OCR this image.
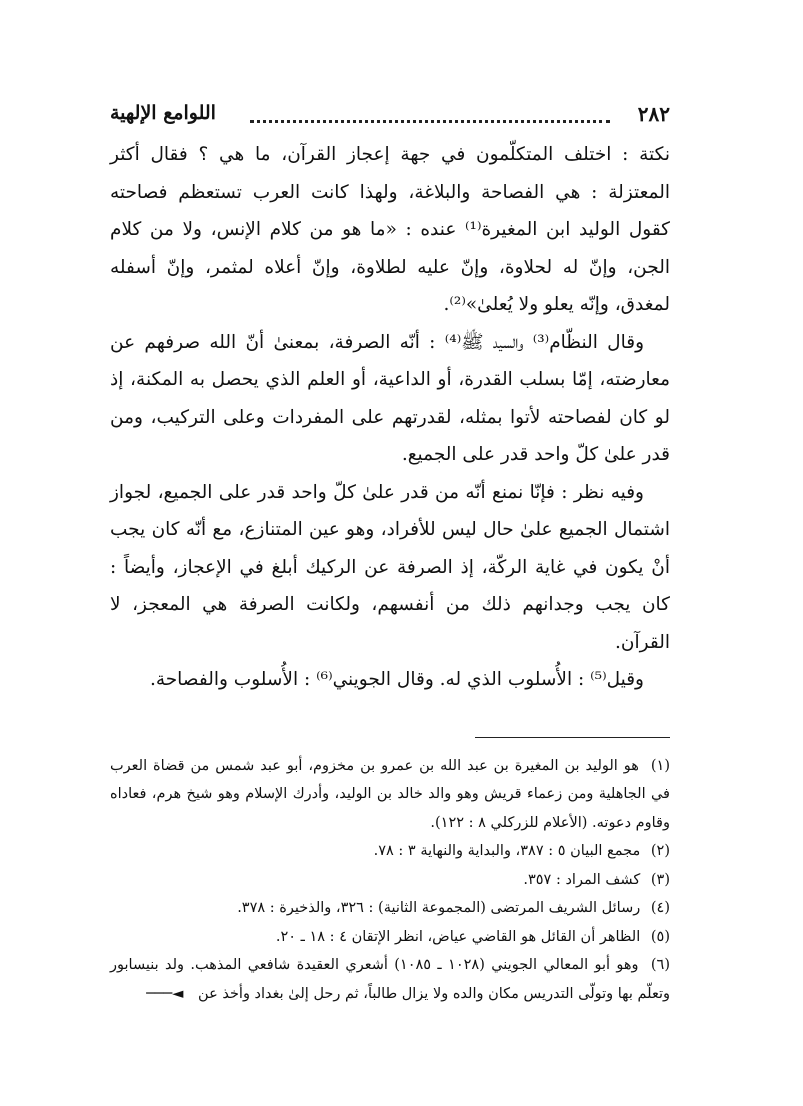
٢٨٢
اللوامع الإلهية

نكتة : اختلف المتكلّمون في جهة إعجاز القرآن، ما هي ؟ فقال أكثر المعتزلة : هي الفصاحة والبلاغة، ولهذا كانت العرب تستعظم فصاحته كقول الوليد ابن المغيرة⁽¹⁾ عنده : «ما هو من كلام الإنس، ولا من كلام الجن، وإنّ له لحلاوة، وإنّ عليه لطلاوة، وإنّ أعلاه لمثمر، وإنّ أسفله لمغدق، وإنّه يعلو ولا يُعلىٰ»⁽²⁾.

وقال النظّام⁽³⁾ والسيد ﷺ⁽⁴⁾ : أنّه الصرفة، بمعنىٰ أنّ الله صرفهم عن معارضته، إمّا بسلب القدرة، أو الداعية، أو العلم الذي يحصل به المكنة، إذ لو كان لفصاحته لأتوا بمثله، لقدرتهم على المفردات وعلى التركيب، ومن قدر علىٰ كلّ واحد قدر على الجميع.

وفيه نظر : فإنّا نمنع أنّه من قدر علىٰ كلّ واحد قدر على الجميع، لجواز اشتمال الجميع علىٰ حال ليس للأفراد، وهو عين المتنازع، مع أنّه كان يجب أنْ يكون في غاية الركّة، إذ الصرفة عن الركيك أبلغ في الإعجاز، وأيضاً : كان يجب وجدانهم ذلك من أنفسهم، ولكانت الصرفة هي المعجز، لا القرآن.

وقيل⁽⁵⁾ : الأُسلوب الذي له. وقال الجويني⁽⁶⁾ : الأُسلوب والفصاحة.

(١) هو الوليد بن المغيرة بن عبد الله بن عمرو بن مخزوم، أبو عبد شمس من قضاة العرب في الجاهلية ومن زعماء قريش وهو والد خالد بن الوليد، وأدرك الإسلام وهو شيخ هرم، فعاداه وقاوم دعوته. (الأعلام للزركلي ٨ : ١٢٢).

(٢) مجمع البيان ٥ : ٣٨٧، والبداية والنهاية ٣ : ٧٨.

(٣) كشف المراد : ٣٥٧.

(٤) رسائل الشريف المرتضى (المجموعة الثانية) : ٣٢٦، والذخيرة : ٣٧٨.

(٥) الظاهر أن القائل هو القاضي عياض، انظر الإتقان ٤ : ١٨ ـ ٢٠.

(٦) وهو أبو المعالي الجويني (١٠٢٨ ـ ١٠٨٥) أشعري العقيدة شافعي المذهب. ولد بنيسابور وتعلّم بها وتولّى التدريس مكان والده ولا يزال طالباً، ثم رحل إلىٰ بغداد وأخذ عن ◄───
